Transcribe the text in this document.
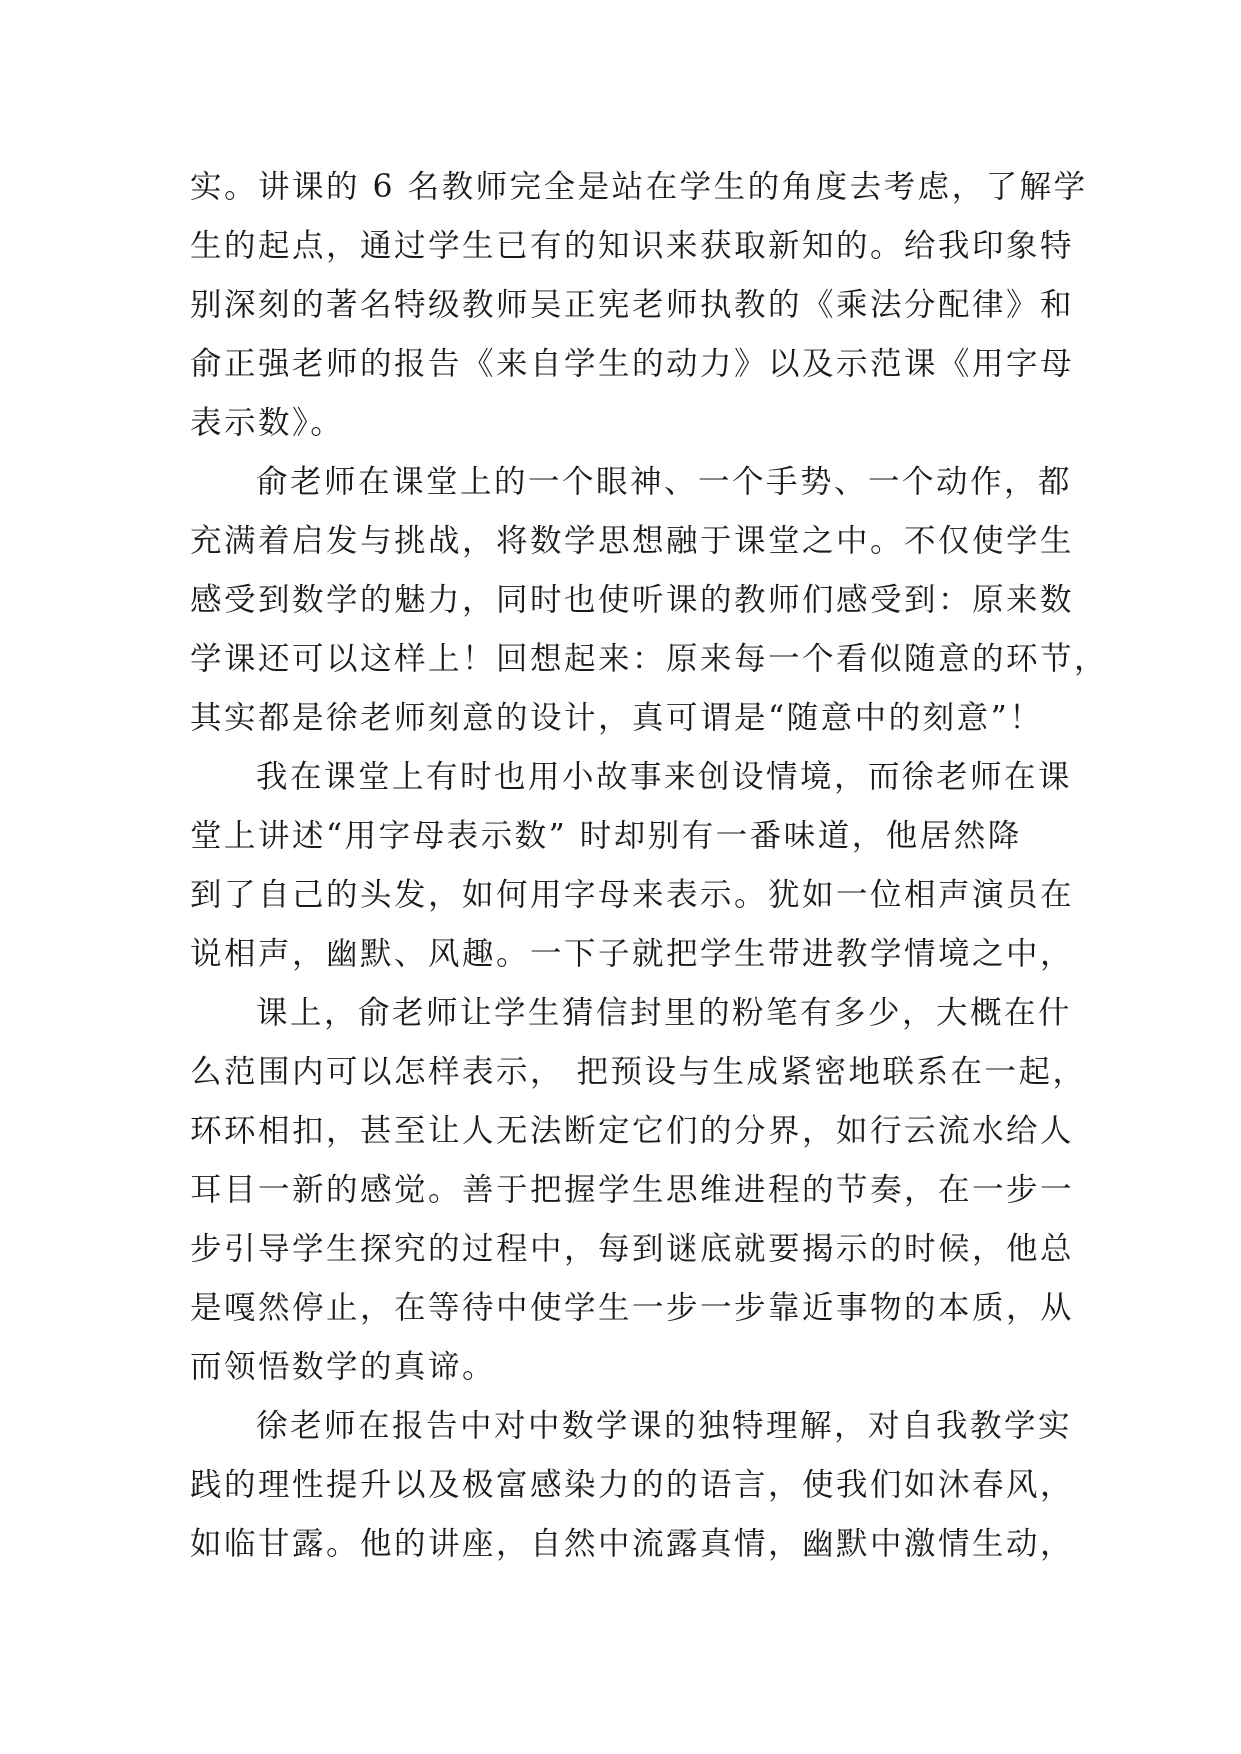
实。讲课的 6 名教师完全是站在学生的角度去考虑，了解学
生的起点，通过学生已有的知识来获取新知的。给我印象特
别深刻的著名特级教师吴正宪老师执教的《乘法分配律》和
俞正强老师的报告《来自学生的动力》以及示范课《用字母
表示数》。
俞老师在课堂上的一个眼神、一个手势、一个动作，都
充满着启发与挑战，将数学思想融于课堂之中。不仅使学生
感受到数学的魅力，同时也使听课的教师们感受到：原来数
学课还可以这样上！回想起来：原来每一个看似随意的环节，
其实都是徐老师刻意的设计，真可谓是“随意中的刻意”！
我在课堂上有时也用小故事来创设情境，而徐老师在课
堂上讲述“用字母表示数” 时却别有一番味道，他居然降
到了自己的头发，如何用字母来表示。犹如一位相声演员在
说相声，幽默、风趣。一下子就把学生带进教学情境之中，
课上，俞老师让学生猜信封里的粉笔有多少，大概在什
么范围内可以怎样表示， 把预设与生成紧密地联系在一起，
环环相扣，甚至让人无法断定它们的分界，如行云流水给人
耳目一新的感觉。善于把握学生思维进程的节奏，在一步一
步引导学生探究的过程中，每到谜底就要揭示的时候，他总
是嘎然停止，在等待中使学生一步一步靠近事物的本质，从
而领悟数学的真谛。
徐老师在报告中对中数学课的独特理解，对自我教学实
践的理性提升以及极富感染力的的语言，使我们如沐春风，
如临甘露。他的讲座，自然中流露真情，幽默中激情生动，
